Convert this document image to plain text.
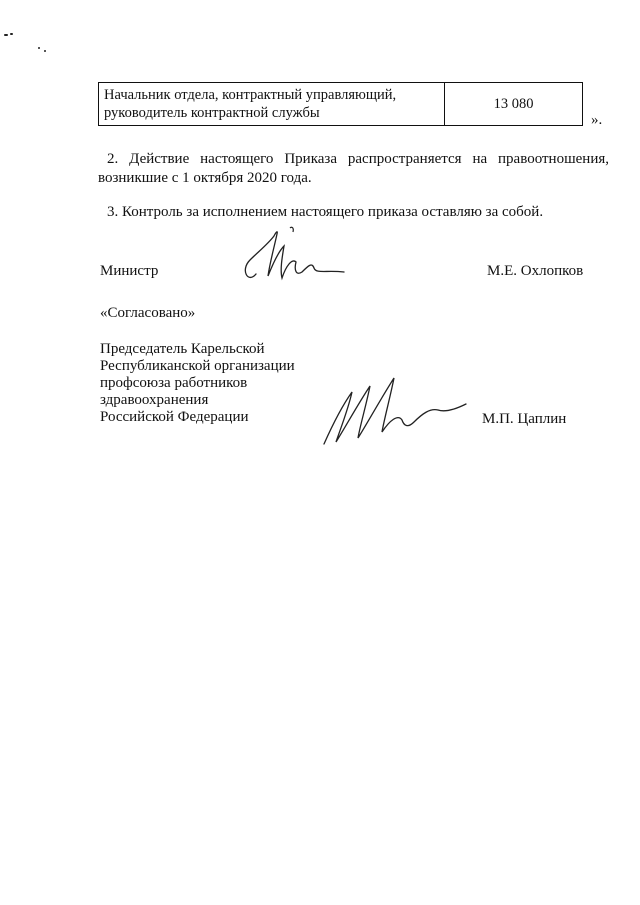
Начальник отдела, контрактный управляющий, руководитель контрактной службы	13 080
».
2. Действие настоящего Приказа распространяется на правоотношения, возникшие с 1 октября 2020 года.
3. Контроль за исполнением настоящего приказа оставляю за собой.
Министр	М.Е. Охлопков
«Согласовано»
Председатель Карельской
Республиканской организации
профсоюза работников
здравоохранения
Российской Федерации	М.П. Цаплин
